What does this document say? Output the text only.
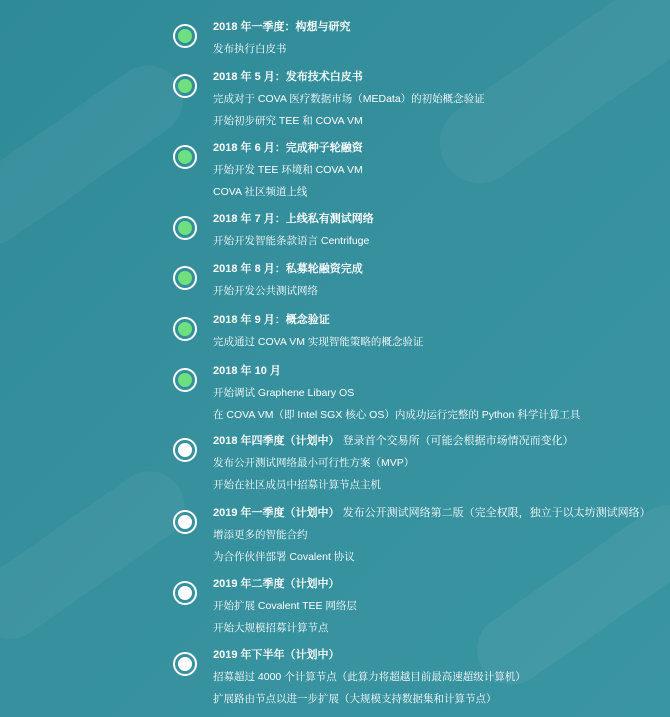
2018 年一季度：构想与研究
发布执行白皮书
2018 年 5 月：发布技术白皮书
完成对于 COVA 医疗数据市场（MEData）的初始概念验证
开始初步研究 TEE 和 COVA VM
2018 年 6 月：完成种子轮融资
开始开发 TEE 环境和 COVA VM
COVA 社区频道上线
2018 年 7 月：上线私有测试网络
开始开发智能条款语言 Centrifuge
2018 年 8 月：私募轮融资完成
开始开发公共测试网络
2018 年 9 月：概念验证
完成通过 COVA VM 实现智能策略的概念验证
2018 年 10 月
开始调试 Graphene Libary OS
在 COVA VM（即 Intel SGX 核心 OS）内成功运行完整的 Python 科学计算工具
2018 年四季度（计划中） 登录首个交易所（可能会根据市场情况而变化）
发布公开测试网络最小可行性方案（MVP）
开始在社区成员中招募计算节点主机
2019 年一季度（计划中） 发布公开测试网络第二版（完全权限，独立于以太坊测试网络）
增添更多的智能合约
为合作伙伴部署 Covalent 协议
2019 年二季度（计划中）
开始扩展 Covalent TEE 网络层
开始大规模招募计算节点
2019 年下半年（计划中）
招募超过 4000 个计算节点（此算力将超越目前最高速超级计算机）
扩展路由节点以进一步扩展（大规模支持数据集和计算节点）
